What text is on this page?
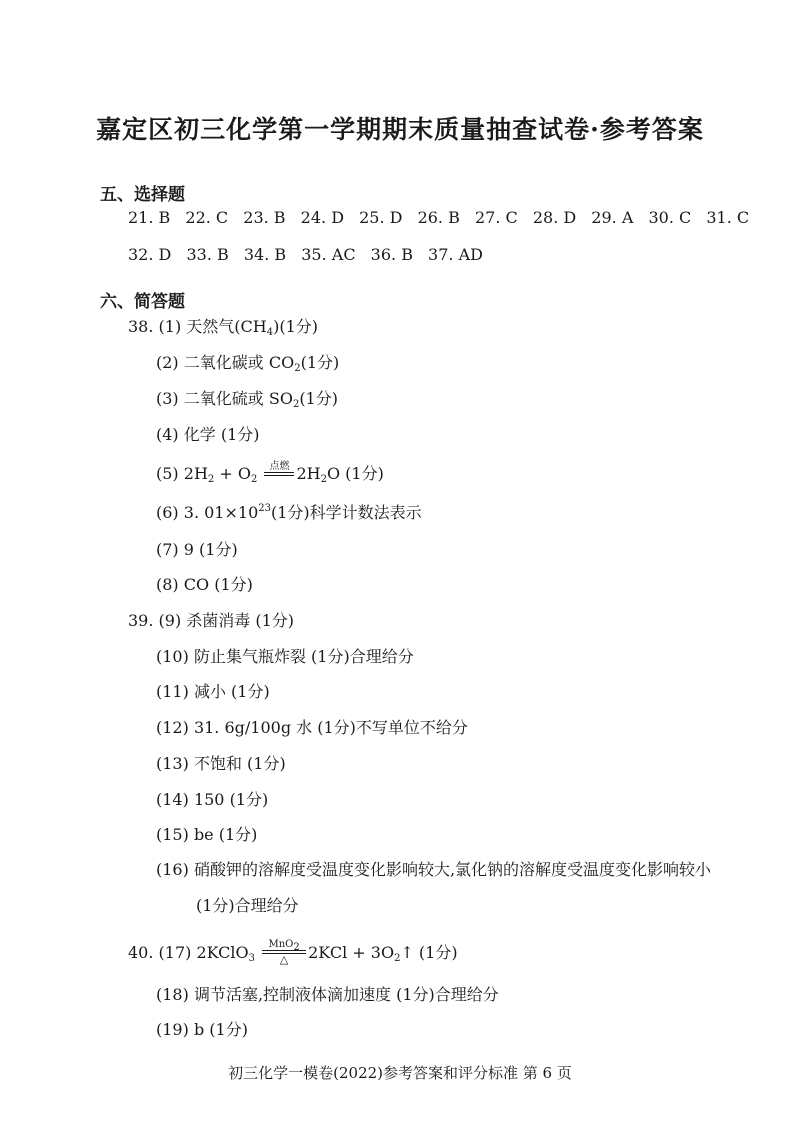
嘉定区初三化学第一学期期末质量抽查试卷·参考答案
五、选择题
21. B 22. C 23. B 24. D 25. D 26. B 27. C 28. D 29. A 30. C 31. C
32. D 33. B 34. B 35. AC 36. B 37. AD
六、简答题
38. (1) 天然气$(CH_4)(1$分)
(2) 二氧化碳或 $CO_2(1$分)
(3) 二氧化硫或 $SO_2(1$分)
(4) 化学 (1分)
(5) $2H_2 + O_2$
点燃 $2H_2O$ (1分)
(6) 3. $01\times 10^{23}(1$分)科学计数法表示
(7) 9 (1分)
(8) CO (1分)
39. (9) 杀菌消毒 (1分)
(10) 防止集气瓶炸裂 (1分)合理给分
(11) 减小 (1分)
(12) 31. 6g/100g 水 (1分)不写单位不给分
(13) 不饱和 (1分)
(14) 150 (1分)
(15) be (1分)
(16) 硝酸钾的溶解度受温度变化影响较大,氯化钠的溶解度受温度变化影响较小
(1分)合理给分
40. (17) 2KClO$_3$
MnO$_2$
△	$2KCl + 3O_2↑$ (1分)
(18) 调节活塞,控制液体滴加速度 (1分)合理给分
(19) b (1分)
初三化学一模卷(2022)参考答案和评分标准 第 6 页
